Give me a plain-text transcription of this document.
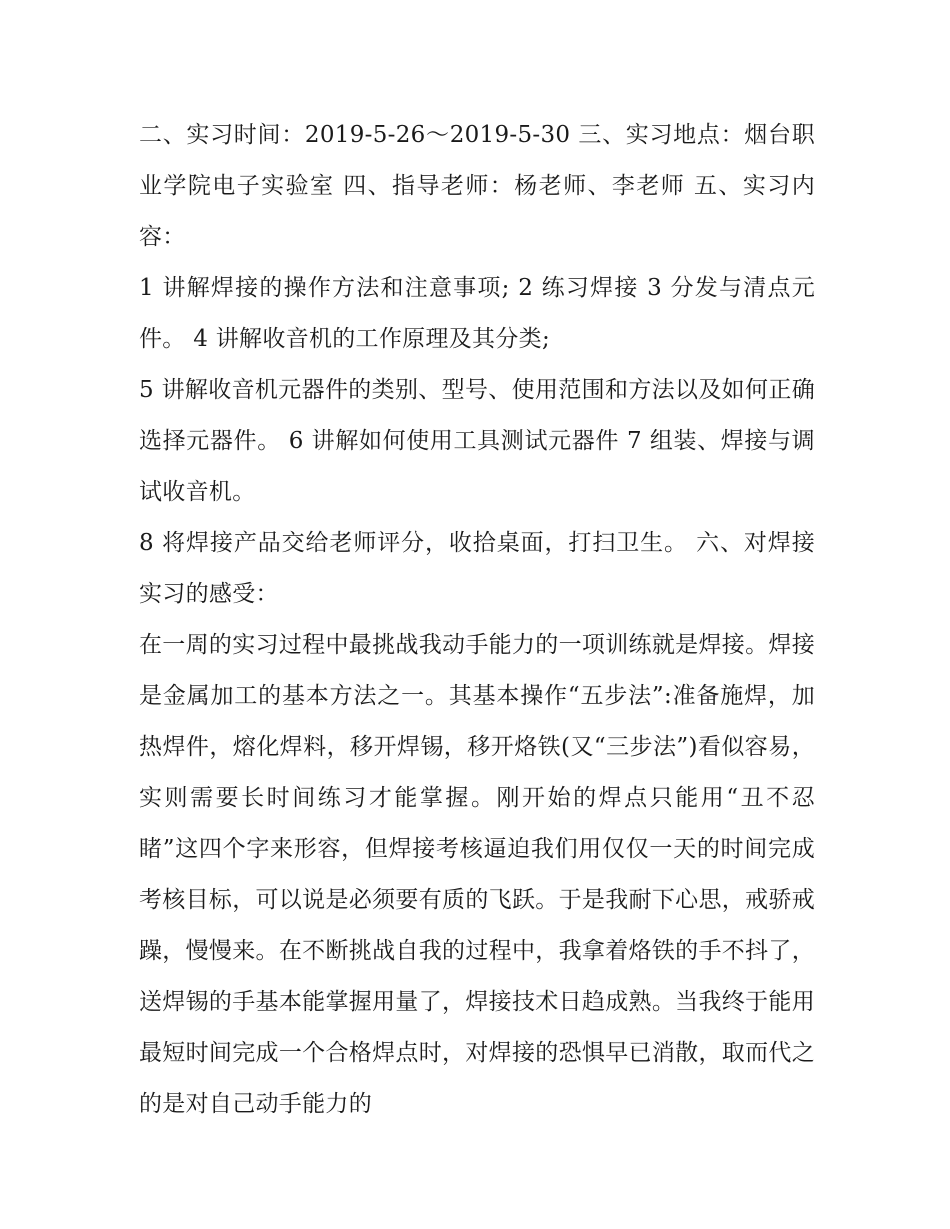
二、实习时间：2019-5-26～2019-5-30 三、实习地点：烟台职业学院电子实验室 四、指导老师：杨老师、李老师 五、实习内容：

1 讲解焊接的操作方法和注意事项; 2 练习焊接 3 分发与清点元件。 4 讲解收音机的工作原理及其分类;

5 讲解收音机元器件的类别、型号、使用范围和方法以及如何正确选择元器件。 6 讲解如何使用工具测试元器件 7 组装、焊接与调试收音机。

8 将焊接产品交给老师评分，收拾桌面，打扫卫生。 六、对焊接实习的感受：

在一周的实习过程中最挑战我动手能力的一项训练就是焊接。焊接是金属加工的基本方法之一。其基本操作“五步法”:准备施焊，加热焊件，熔化焊料，移开焊锡，移开烙铁(又“三步法”)看似容易，实则需要长时间练习才能掌握。刚开始的焊点只能用“丑不忍睹”这四个字来形容，但焊接考核逼迫我们用仅仅一天的时间完成考核目标，可以说是必须要有质的飞跃。于是我耐下心思，戒骄戒躁，慢慢来。在不断挑战自我的过程中，我拿着烙铁的手不抖了，送焊锡的手基本能掌握用量了，焊接技术日趋成熟。当我终于能用最短时间完成一个合格焊点时，对焊接的恐惧早已消散，取而代之的是对自己动手能力的
